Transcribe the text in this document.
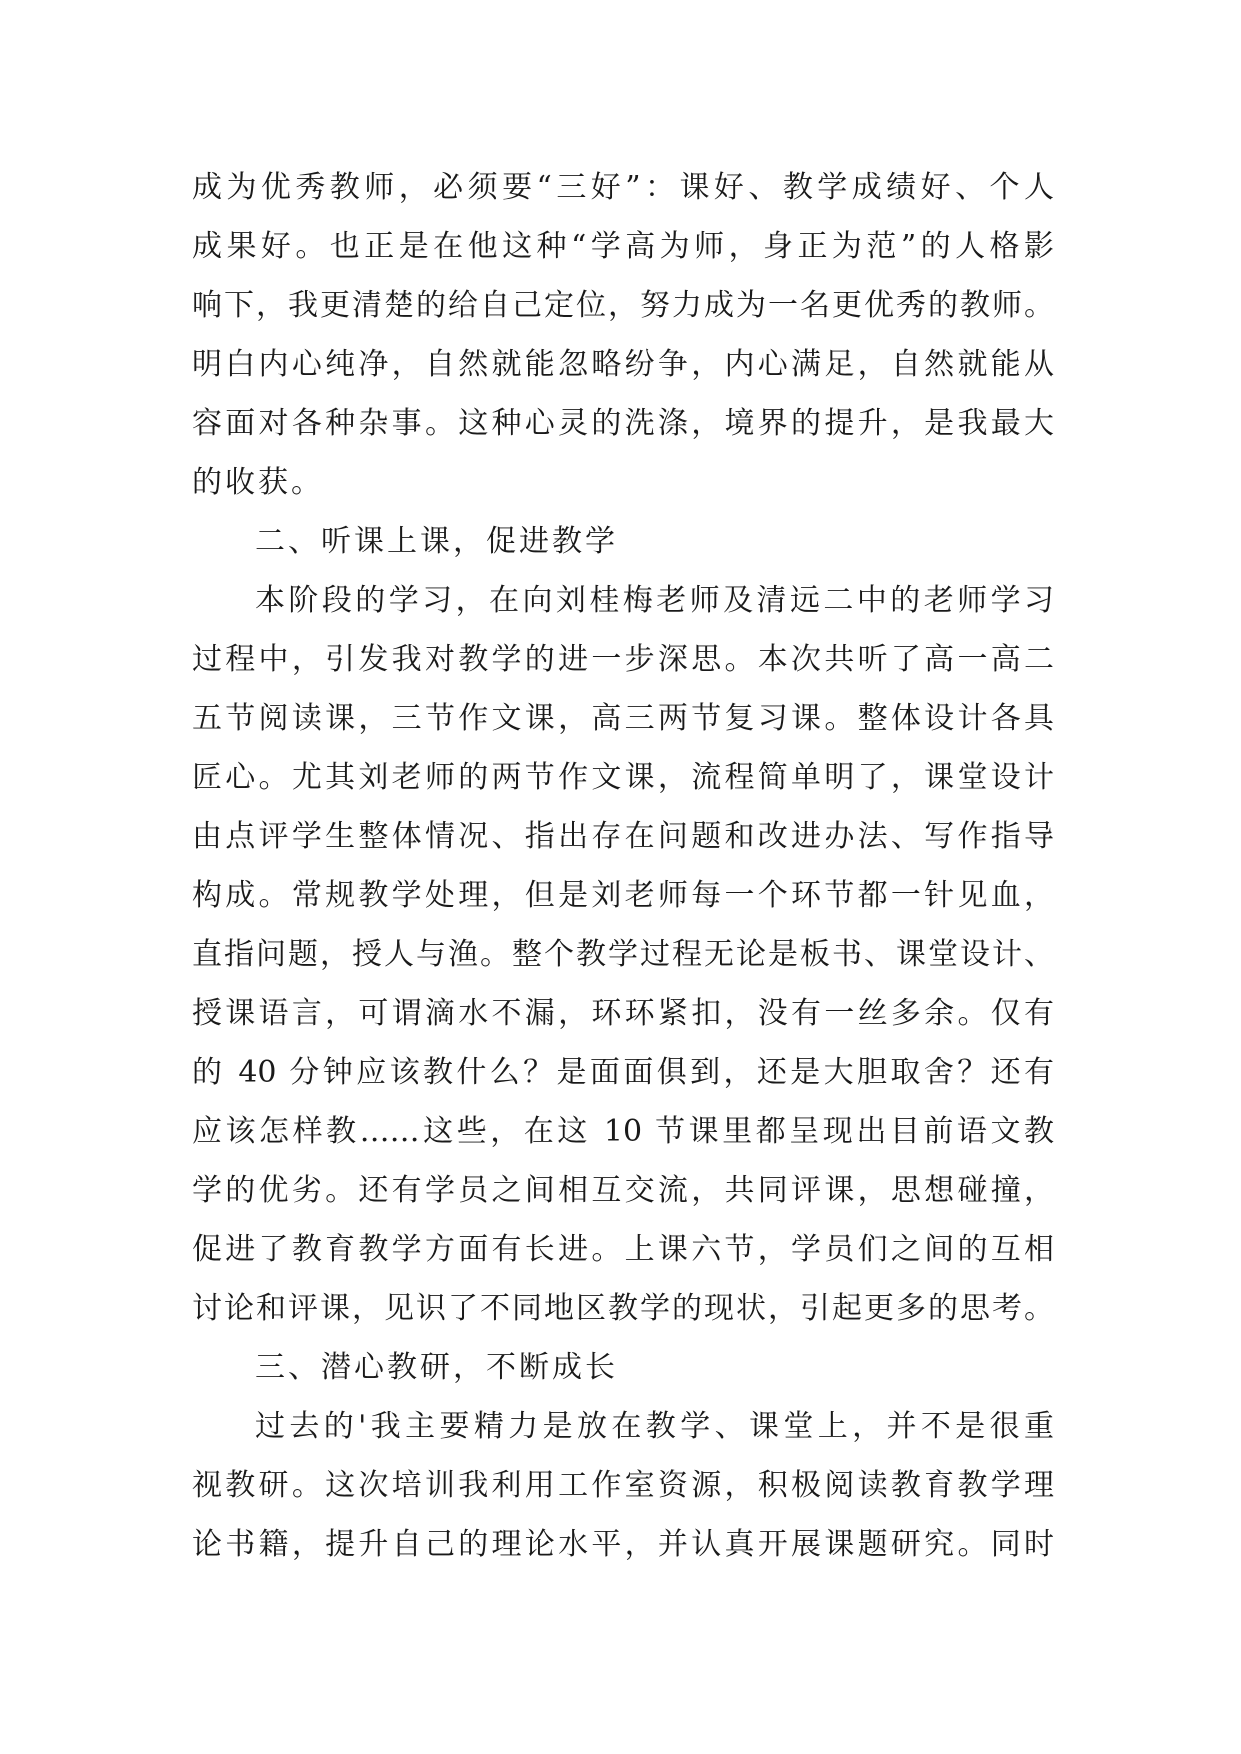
成为优秀教师，必须要“三好”：课好、教学成绩好、个人
成果好。也正是在他这种“学高为师，身正为范”的人格影
响下，我更清楚的给自己定位，努力成为一名更优秀的教师。
明白内心纯净，自然就能忽略纷争，内心满足，自然就能从
容面对各种杂事。这种心灵的洗涤，境界的提升，是我最大
的收获。
二、听课上课，促进教学
本阶段的学习，在向刘桂梅老师及清远二中的老师学习
过程中，引发我对教学的进一步深思。本次共听了高一高二
五节阅读课，三节作文课，高三两节复习课。整体设计各具
匠心。尤其刘老师的两节作文课，流程简单明了，课堂设计
由点评学生整体情况、指出存在问题和改进办法、写作指导
构成。常规教学处理，但是刘老师每一个环节都一针见血，
直指问题，授人与渔。整个教学过程无论是板书、课堂设计、
授课语言，可谓滴水不漏，环环紧扣，没有一丝多余。仅有
的 40 分钟应该教什么？是面面俱到，还是大胆取舍？还有
应该怎样教……这些，在这 10 节课里都呈现出目前语文教
学的优劣。还有学员之间相互交流，共同评课，思想碰撞，
促进了教育教学方面有长进。上课六节，学员们之间的互相
讨论和评课，见识了不同地区教学的现状，引起更多的思考。
三、潜心教研，不断成长
过去的'我主要精力是放在教学、课堂上，并不是很重
视教研。这次培训我利用工作室资源，积极阅读教育教学理
论书籍，提升自己的理论水平，并认真开展课题研究。同时
